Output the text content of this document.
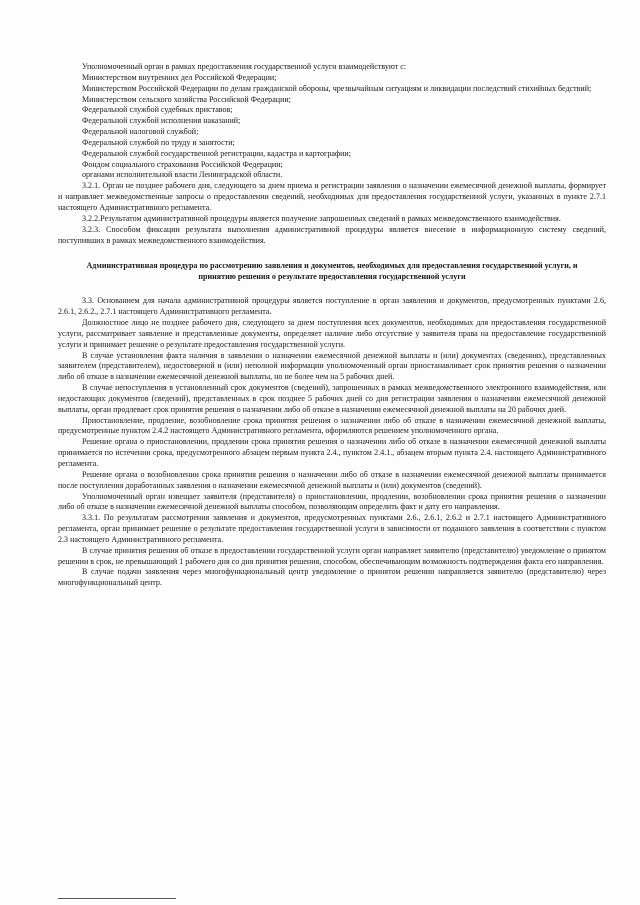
Уполномоченный орган в рамках предоставления государственной услуги взаимодействуют с:

Министерством внутренних дел Российской Федерации;

Министерством Российской Федерации по делам гражданской обороны, чрезвычайным ситуациям и ликвидации последствий стихийных бедствий;

Министерством сельского хозяйства Российской Федерации;

Федеральной службой судебных приставов;

Федеральной службой исполнения наказаний;

Федеральной налоговой службой;

Федеральной службой по труду и занятости;

Федеральной службой государственной регистрации, кадастра и картографии;

Фондом социального страхования Российской Федерации;

органами исполнительной власти Ленинградской области.

3.2.1. Орган не позднее рабочего дня, следующего за днем приема и регистрации заявления о назначении ежемесячной денежной выплаты, формирует и направляет межведомственные запросы о предоставлении сведений, необходимых для предоставления государственной услуги, указанных в пункте 2.7.1 настоящего Административного регламента.

3.2.2.Результатом административной процедуры является получение запрошенных сведений в рамках межведомственного взаимодействия.

3.2.3. Способом фиксации результата выполнения административной процедуры является внесение в информационную систему сведений, поступивших в рамках межведомственного взаимодействия.

Административная процедура по рассмотрению заявления и документов, необходимых для предоставления государственной услуги, и принятию решения о результате предоставления государственной услуги

3.3. Основанием для начала административной процедуры является поступление в орган заявления и документов, предусмотренных пунктами 2.6, 2.6.1, 2.6.2., 2.7.1 настоящего Административного регламента.

Должностное лицо не позднее рабочего дня, следующего за днем поступления всех документов, необходимых для предоставления государственной услуги, рассматривает заявление и представленные документы, определяет наличие либо отсутствие у заявителя права на предоставление государственной услуги и принимает решение о результате предоставления государственной услуги.

В случае установления факта наличия в заявлении о назначении ежемесячной денежной выплаты и (или) документах (сведениях), представленных заявителем (представителем), недостоверной и (или) неполной информации уполномоченный орган приостанавливает срок принятия решения о назначении либо об отказе в назначении ежемесячной денежной выплаты, но не более чем на 5 рабочих дней.

В случае непоступления в установленный срок документов (сведений), запрошенных в рамках межведомственного электронного взаимодействия, или недостающих документов (сведений), представленных в срок позднее 5 рабочих дней со дня регистрации заявления о назначении ежемесячной денежной выплаты, орган продлевает срок принятия решения о назначении либо об отказе в назначении ежемесячной денежной выплаты на 20 рабочих дней.

Приостановление, продление, возобновление срока принятия решения о назначении либо об отказе в назначении ежемесячной денежной выплаты, предусмотренные пунктом 2.4.2 настоящего Административного регламента, оформляются решением уполномоченного органа.

Решение органа о приостановлении, продлении срока принятия решения о назначении либо об отказе в назначении ежемесячной денежной выплаты принимается по истечении срока, предусмотренного абзацем первым пункта 2.4., пунктом 2.4.1., абзацем вторым пункта 2.4. настоящего Административного регламента.

Решение органа о возобновлении срока принятия решения о назначении либо об отказе в назначении ежемесячной денежной выплаты принимается после поступления доработанных заявления о назначении ежемесячной денежной выплаты и (или) документов (сведений).

Уполномоченный орган извещает заявителя (представителя) о приостановлении, продлении, возобновлении срока принятия решения о назначении либо об отказе в назначении ежемесячной денежной выплаты способом, позволяющим определить факт и дату его направления.

3.3.1. По результатам рассмотрения заявления и документов, предусмотренных пунктами 2.6., 2.6.1, 2.6.2 и 2.7.1 настоящего Административного регламента, орган принимает решение о результате предоставления государственной услуги в зависимости от поданного заявления в соответствии с пунктом 2.3 настоящего Административного регламента.

В случае принятия решения об отказе в предоставлении государственной услуги орган направляет заявителю (представителю) уведомление о принятом решении в срок, не превышающий 1 рабочего дня со дня принятия решения, способом, обеспечивающим возможность подтверждения факта его направления.

В случае подачи заявления через многофункциональный центр уведомление о принятом решении направляется заявителю (представителю) через многофункциональный центр.
